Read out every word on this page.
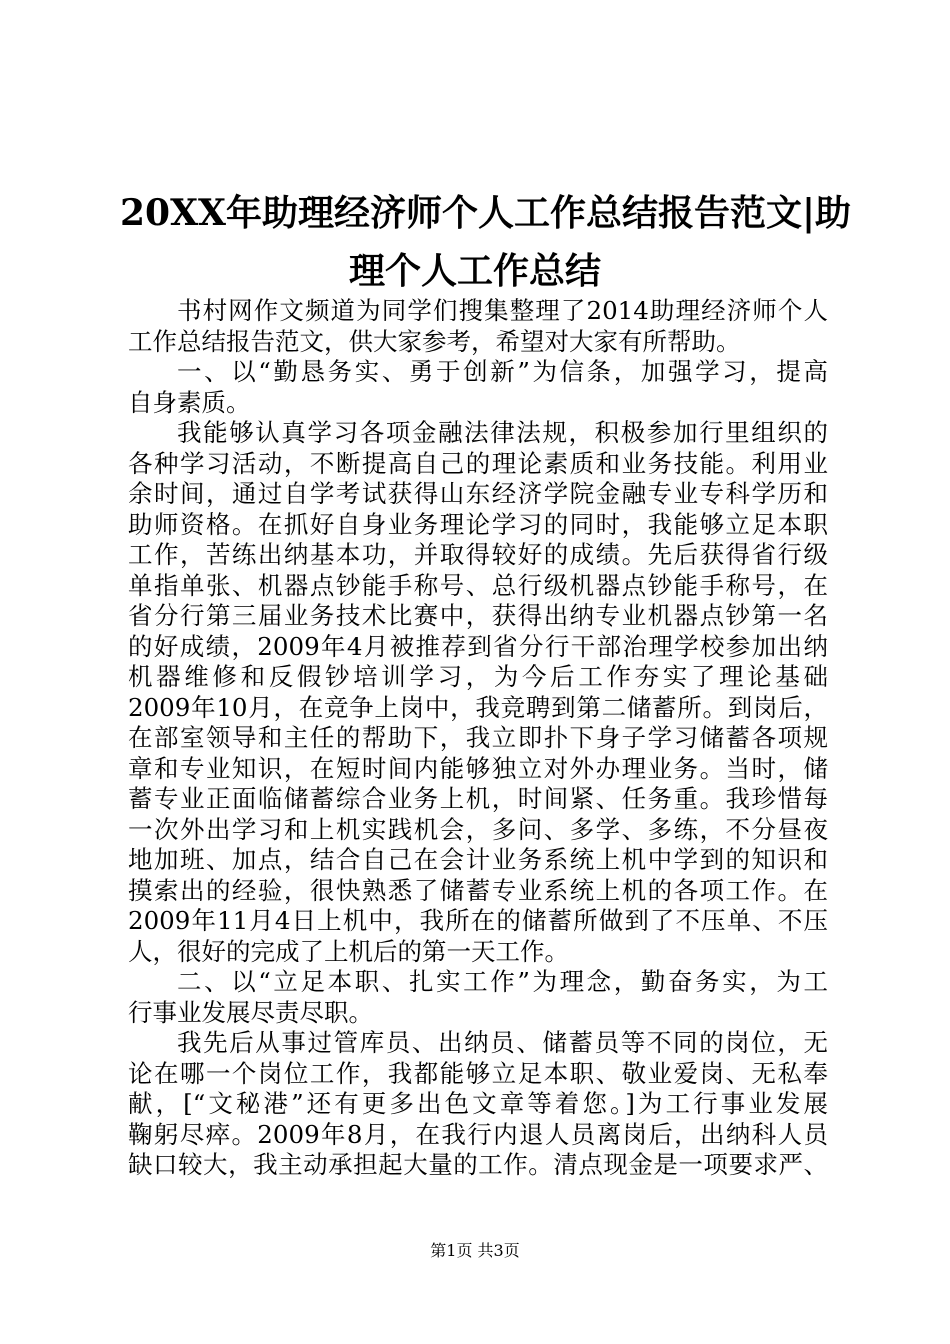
20XX年助理经济师个人工作总结报告范文|助
理个人工作总结
书村网作文频道为同学们搜集整理了2014助理经济师个人
工作总结报告范文，供大家参考，希望对大家有所帮助。
一、以“勤恳务实、勇于创新”为信条，加强学习，提高
自身素质。
我能够认真学习各项金融法律法规，积极参加行里组织的
各种学习活动，不断提高自己的理论素质和业务技能。利用业
余时间，通过自学考试获得山东经济学院金融专业专科学历和
助师资格。在抓好自身业务理论学习的同时，我能够立足本职
工作，苦练出纳基本功，并取得较好的成绩。先后获得省行级
单指单张、机器点钞能手称号、总行级机器点钞能手称号，在
省分行第三届业务技术比赛中，获得出纳专业机器点钞第一名
的好成绩，2009年4月被推荐到省分行干部治理学校参加出纳
机器维修和反假钞培训学习，为今后工作夯实了理论基础
2009年10月，在竞争上岗中，我竞聘到第二储蓄所。到岗后，
在部室领导和主任的帮助下，我立即扑下身子学习储蓄各项规
章和专业知识，在短时间内能够独立对外办理业务。当时，储
蓄专业正面临储蓄综合业务上机，时间紧、任务重。我珍惜每
一次外出学习和上机实践机会，多问、多学、多练，不分昼夜
地加班、加点，结合自己在会计业务系统上机中学到的知识和
摸索出的经验，很快熟悉了储蓄专业系统上机的各项工作。在
2009年11月4日上机中，我所在的储蓄所做到了不压单、不压
人，很好的完成了上机后的第一天工作。
二、以“立足本职、扎实工作”为理念，勤奋务实，为工
行事业发展尽责尽职。
我先后从事过管库员、出纳员、储蓄员等不同的岗位，无
论在哪一个岗位工作，我都能够立足本职、敬业爱岗、无私奉
献，[“文秘港”还有更多出色文章等着您。]为工行事业发展
鞠躬尽瘁。2009年8月，在我行内退人员离岗后，出纳科人员
缺口较大，我主动承担起大量的工作。清点现金是一项要求严、
第1页 共3页
